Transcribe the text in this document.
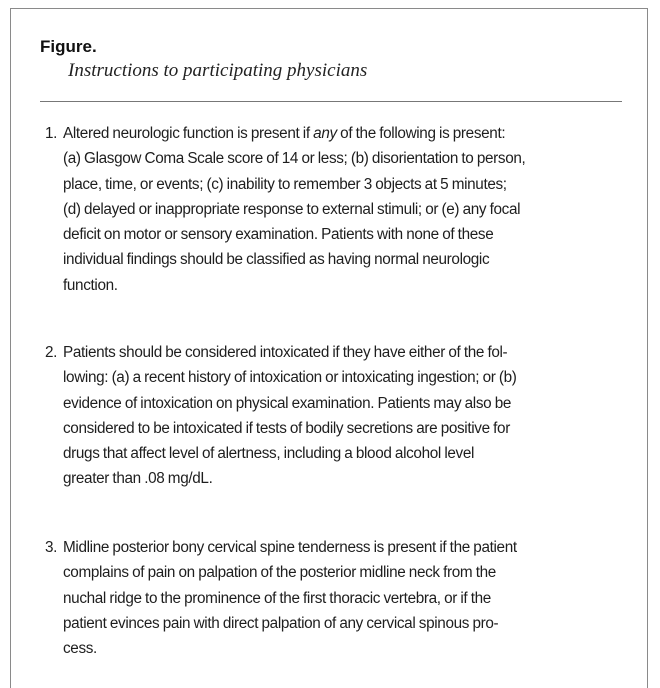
Figure.
Instructions to participating physicians
1. Altered neurologic function is present if any of the following is present:
(a) Glasgow Coma Scale score of 14 or less; (b) disorientation to person,
place, time, or events; (c) inability to remember 3 objects at 5 minutes;
(d) delayed or inappropriate response to external stimuli; or (e) any focal
deficit on motor or sensory examination. Patients with none of these
individual findings should be classified as having normal neurologic
function.
2. Patients should be considered intoxicated if they have either of the fol-
lowing: (a) a recent history of intoxication or intoxicating ingestion; or (b)
evidence of intoxication on physical examination. Patients may also be
considered to be intoxicated if tests of bodily secretions are positive for
drugs that affect level of alertness, including a blood alcohol level
greater than .08 mg/dL.
3. Midline posterior bony cervical spine tenderness is present if the patient
complains of pain on palpation of the posterior midline neck from the
nuchal ridge to the prominence of the first thoracic vertebra, or if the
patient evinces pain with direct palpation of any cervical spinous pro-
cess.
